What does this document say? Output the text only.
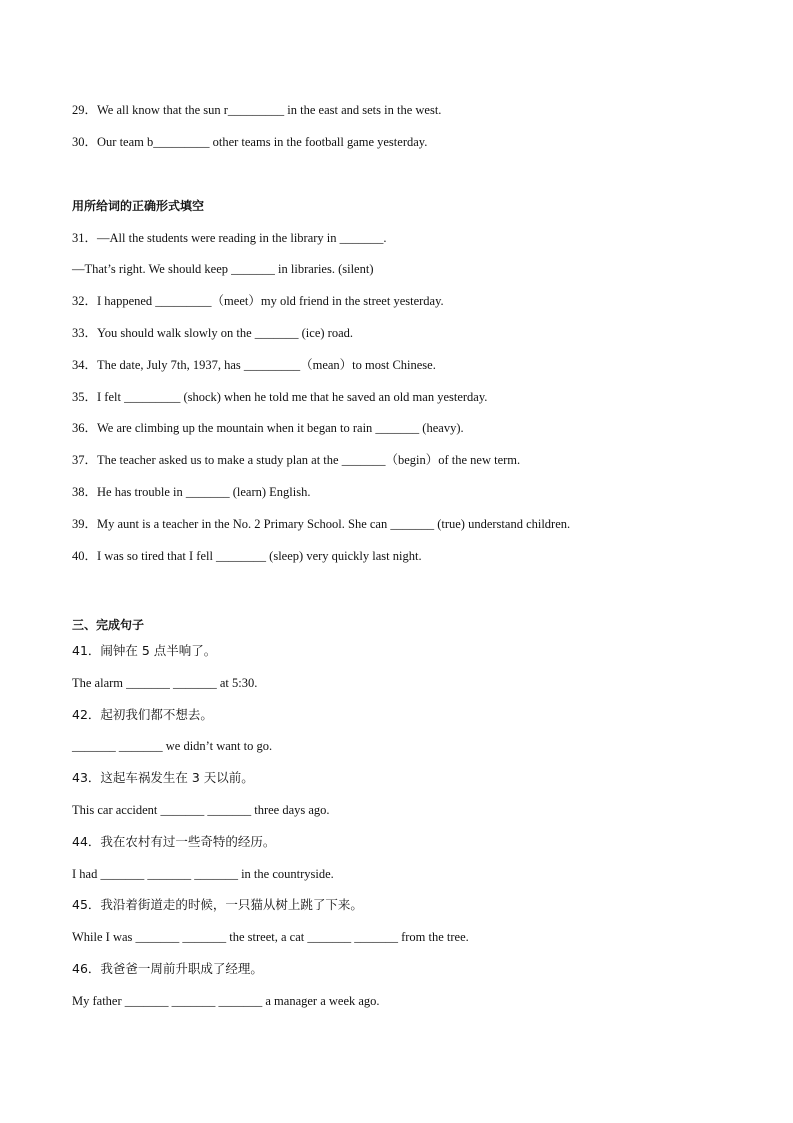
29．We all know that the sun r_________ in the east and sets in the west.
30．Our team b_________ other teams in the football game yesterday.
用所给词的正确形式填空
31．—All the students were reading in the library in _______.
—That’s right. We should keep _______ in libraries. (silent)
32．I happened _________（meet）my old friend in the street yesterday.
33．You should walk slowly on the _______ (ice) road.
34．The date, July 7th, 1937, has _________（mean）to most Chinese.
35．I felt _________ (shock) when he told me that he saved an old man yesterday.
36．We are climbing up the mountain when it began to rain _______ (heavy).
37．The teacher asked us to make a study plan at the _______（begin）of the new term.
38．He has trouble in _______ (learn) English.
39．My aunt is a teacher in the No. 2 Primary School. She can _______ (true) understand children.
40．I was so tired that I fell ________ (sleep) very quickly last night.
三、完成句子
41．闹钟在 5 点半响了。
The alarm _______ _______ at 5:30.
42．起初我们都不想去。
_______ _______ we didn’t want to go.
43．这起车祸发生在 3 天以前。
This car accident _______ _______ three days ago.
44．我在农村有过一些奇特的经历。
I had _______ _______ _______ in the countryside.
45．我沿着街道走的时候，一只猫从树上跳了下来。
While I was _______ _______ the street, a cat _______ _______ from the tree.
46．我爸爸一周前升职成了经理。
My father _______ _______ _______ a manager a week ago.
